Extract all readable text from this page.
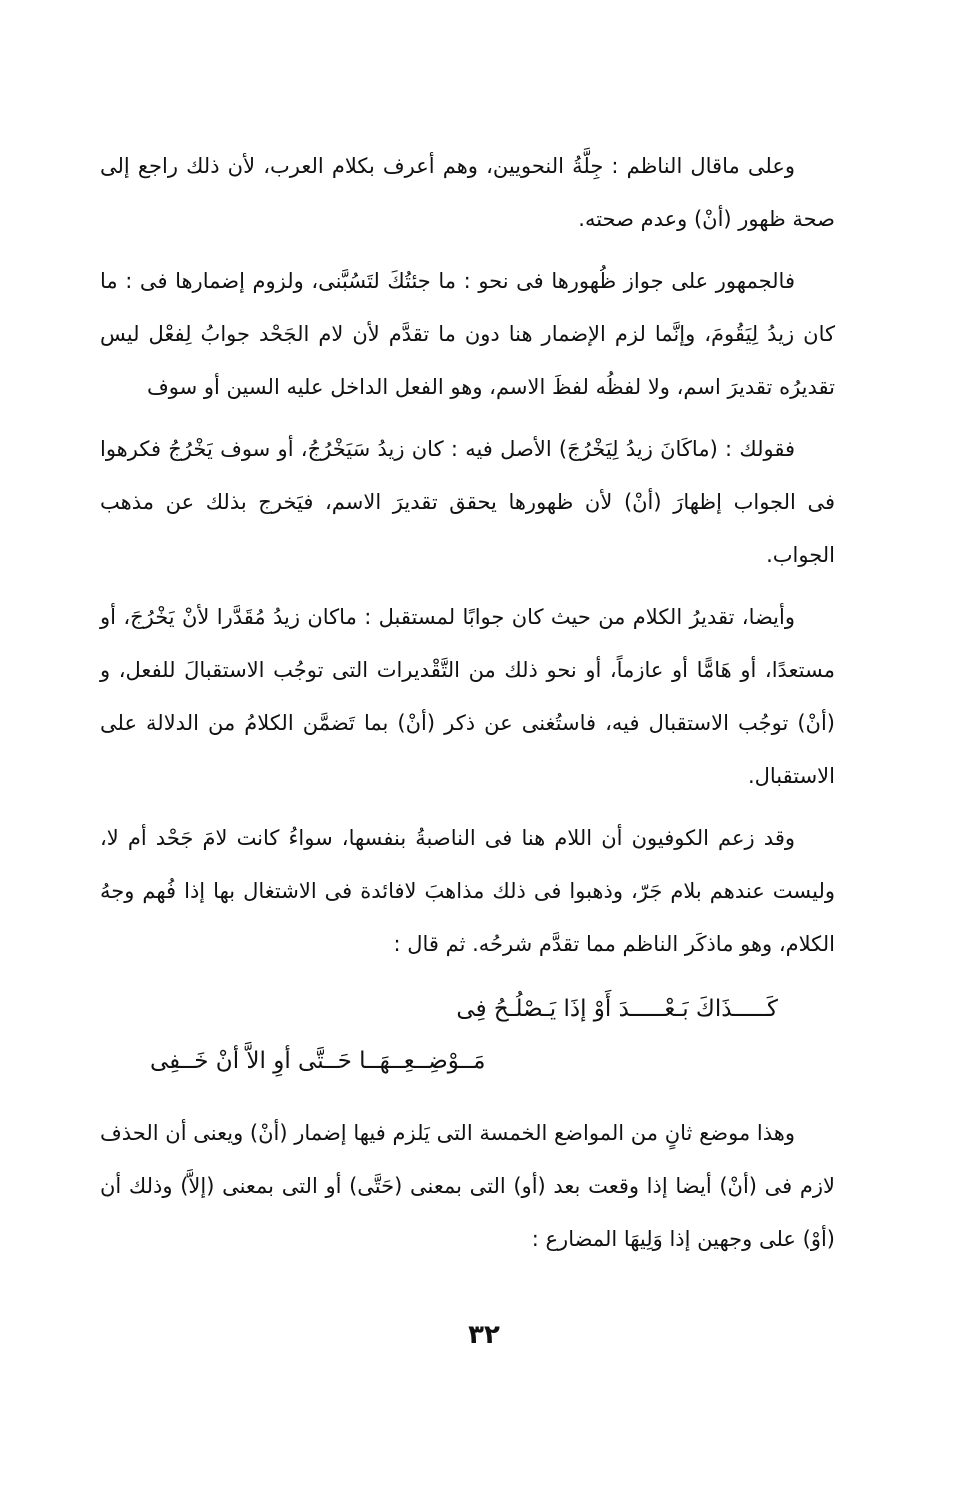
وعلى ماقال الناظم : جِلَّةُ النحويين، وهم أعرف بكلام العرب، لأن ذلك راجع إلى صحة ظهور (أنْ) وعدم صحته.

فالجمهور على جواز ظُهورها فى نحو : ما جئتُكَ لتَسُبَّنى، ولزوم إضمارها فى : ما كان زيدُ لِيَقُومَ، وإنَّما لزم الإضمار هنا دون ما تقدَّم لأن لام الجَحْد جوابُ لِفعْل ليس تقديرُه تقديرَ اسم، ولا لفظُه لفظَ الاسم، وهو الفعل الداخل عليه السين أو سوف

فقولك : (ماكَانَ زيدُ لِيَخْرُجَ) الأصل فيه : كان زيدُ سَيَخْرُجُ، أو سوف يَخْرُجُ فكرهوا فى الجواب إظهارَ (أنْ) لأن ظهورها يحقق تقديرَ الاسم، فيَخرج بذلك عن مذهب الجواب.

وأيضا، تقديرُ الكلام من حيث كان جوابًا لمستقبل : ماكان زيدُ مُقَدَّرا لأنْ يَخْرُجَ، أو مستعدًا، أو هَامًّا أو عازماً، أو نحو ذلك من التَّقْديرات التى توجُب الاستقبالَ للفعل، و (أنْ) توجُب الاستقبال فيه، فاستُغنى عن ذكر (أنْ) بما تَضمَّن الكلامُ من الدلالة على الاستقبال.

وقد زعم الكوفيون أن اللام هنا فى الناصبةُ بنفسها، سواءُ كانت لامَ جَحْد أم لا، وليست عندهم بلام جَرّ، وذهبوا فى ذلك مذاهبَ لافائدة فى الاشتغال بها إذا فُهم وجهُ الكلام، وهو ماذكَر الناظم مما تقدَّم شرحُه. ثم قال :

كَـــــذَاكَ بَـعْـــــدَ أَوْ إذَا يَـصْلُـحُ فِى
مَــوْضِــعِــهَــا حَــتَّى أوِ الاَّ أنْ خَــفِى

وهذا موضع ثانٍ من المواضع الخمسة التى يَلزم فيها إضمار (أنْ) ويعنى أن الحذف لازم فى (أنْ) أيضا إذا وقعت بعد (أو) التى بمعنى (حَتَّى) أو التى بمعنى (إلاَّ) وذلك أن (أوْ) على وجهين إذا وَلِيهَا المضارع :

٣٢
